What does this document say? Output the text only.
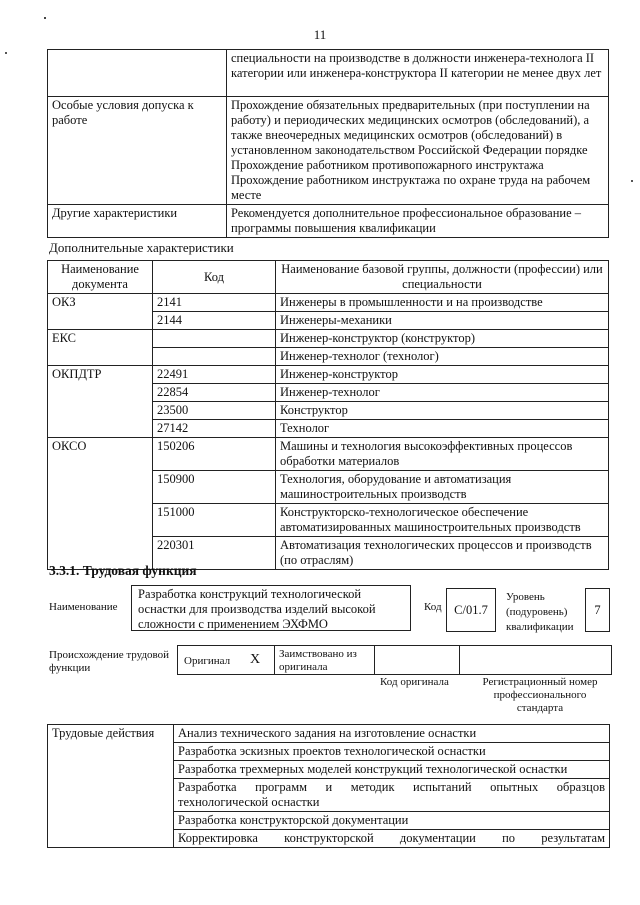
11
	специальности на производстве в должности инженера-технолога II категории или инженера-конструктора II категории не менее двух лет
Особые условия допуска к работе	Прохождение обязательных предварительных (при поступлении на работу) и периодических медицинских осмотров (обследований), а также внеочередных медицинских осмотров (обследований) в установленном законодательством Российской Федерации порядке
Прохождение работником противопожарного инструктажа
Прохождение работником инструктажа по охране труда на рабочем месте

Другие характеристики	Рекомендуется дополнительное профессиональное образование – программы повышения квалификации
Дополнительные характеристики
Наименование документа	Код	Наименование базовой группы, должности (профессии) или специальности
ОКЗ	2141	Инженеры в промышленности и на производстве
	2144	Инженеры-механики
ЕКС		Инженер-конструктор (конструктор)
		Инженер-технолог (технолог)
ОКПДТР	22491	Инженер-конструктор
	22854	Инженер-технолог
	23500	Конструктор
	27142	Технолог
ОКСО	150206	Машины и технология высокоэффективных процессов обработки материалов
	150900	Технология, оборудование и автоматизация машиностроительных производств
	151000	Конструкторско-технологическое обеспечение автоматизированных машиностроительных производств
	220301	Автоматизация технологических процессов и производств (по отраслям)
3.3.1. Трудовая функция
Наименование
Разработка конструкций технологической оснастки для производства изделий высокой сложности с применением ЭХФМО
Код	C/01.7
Уровень (подуровень) квалификации
7
Происхождение трудовой функции
Оригинал X Заимствовано из оригинала
Код оригинала	Регистрационный номер профессионального стандарта
Трудовые действия	Анализ технического задания на изготовление оснастки
Разработка эскизных проектов технологической оснастки
Разработка трехмерных моделей конструкций технологической оснастки
Разработка программ и методик испытаний опытных образцов технологической оснастки
Разработка конструкторской документации
Корректировка конструкторской документации по результатам
